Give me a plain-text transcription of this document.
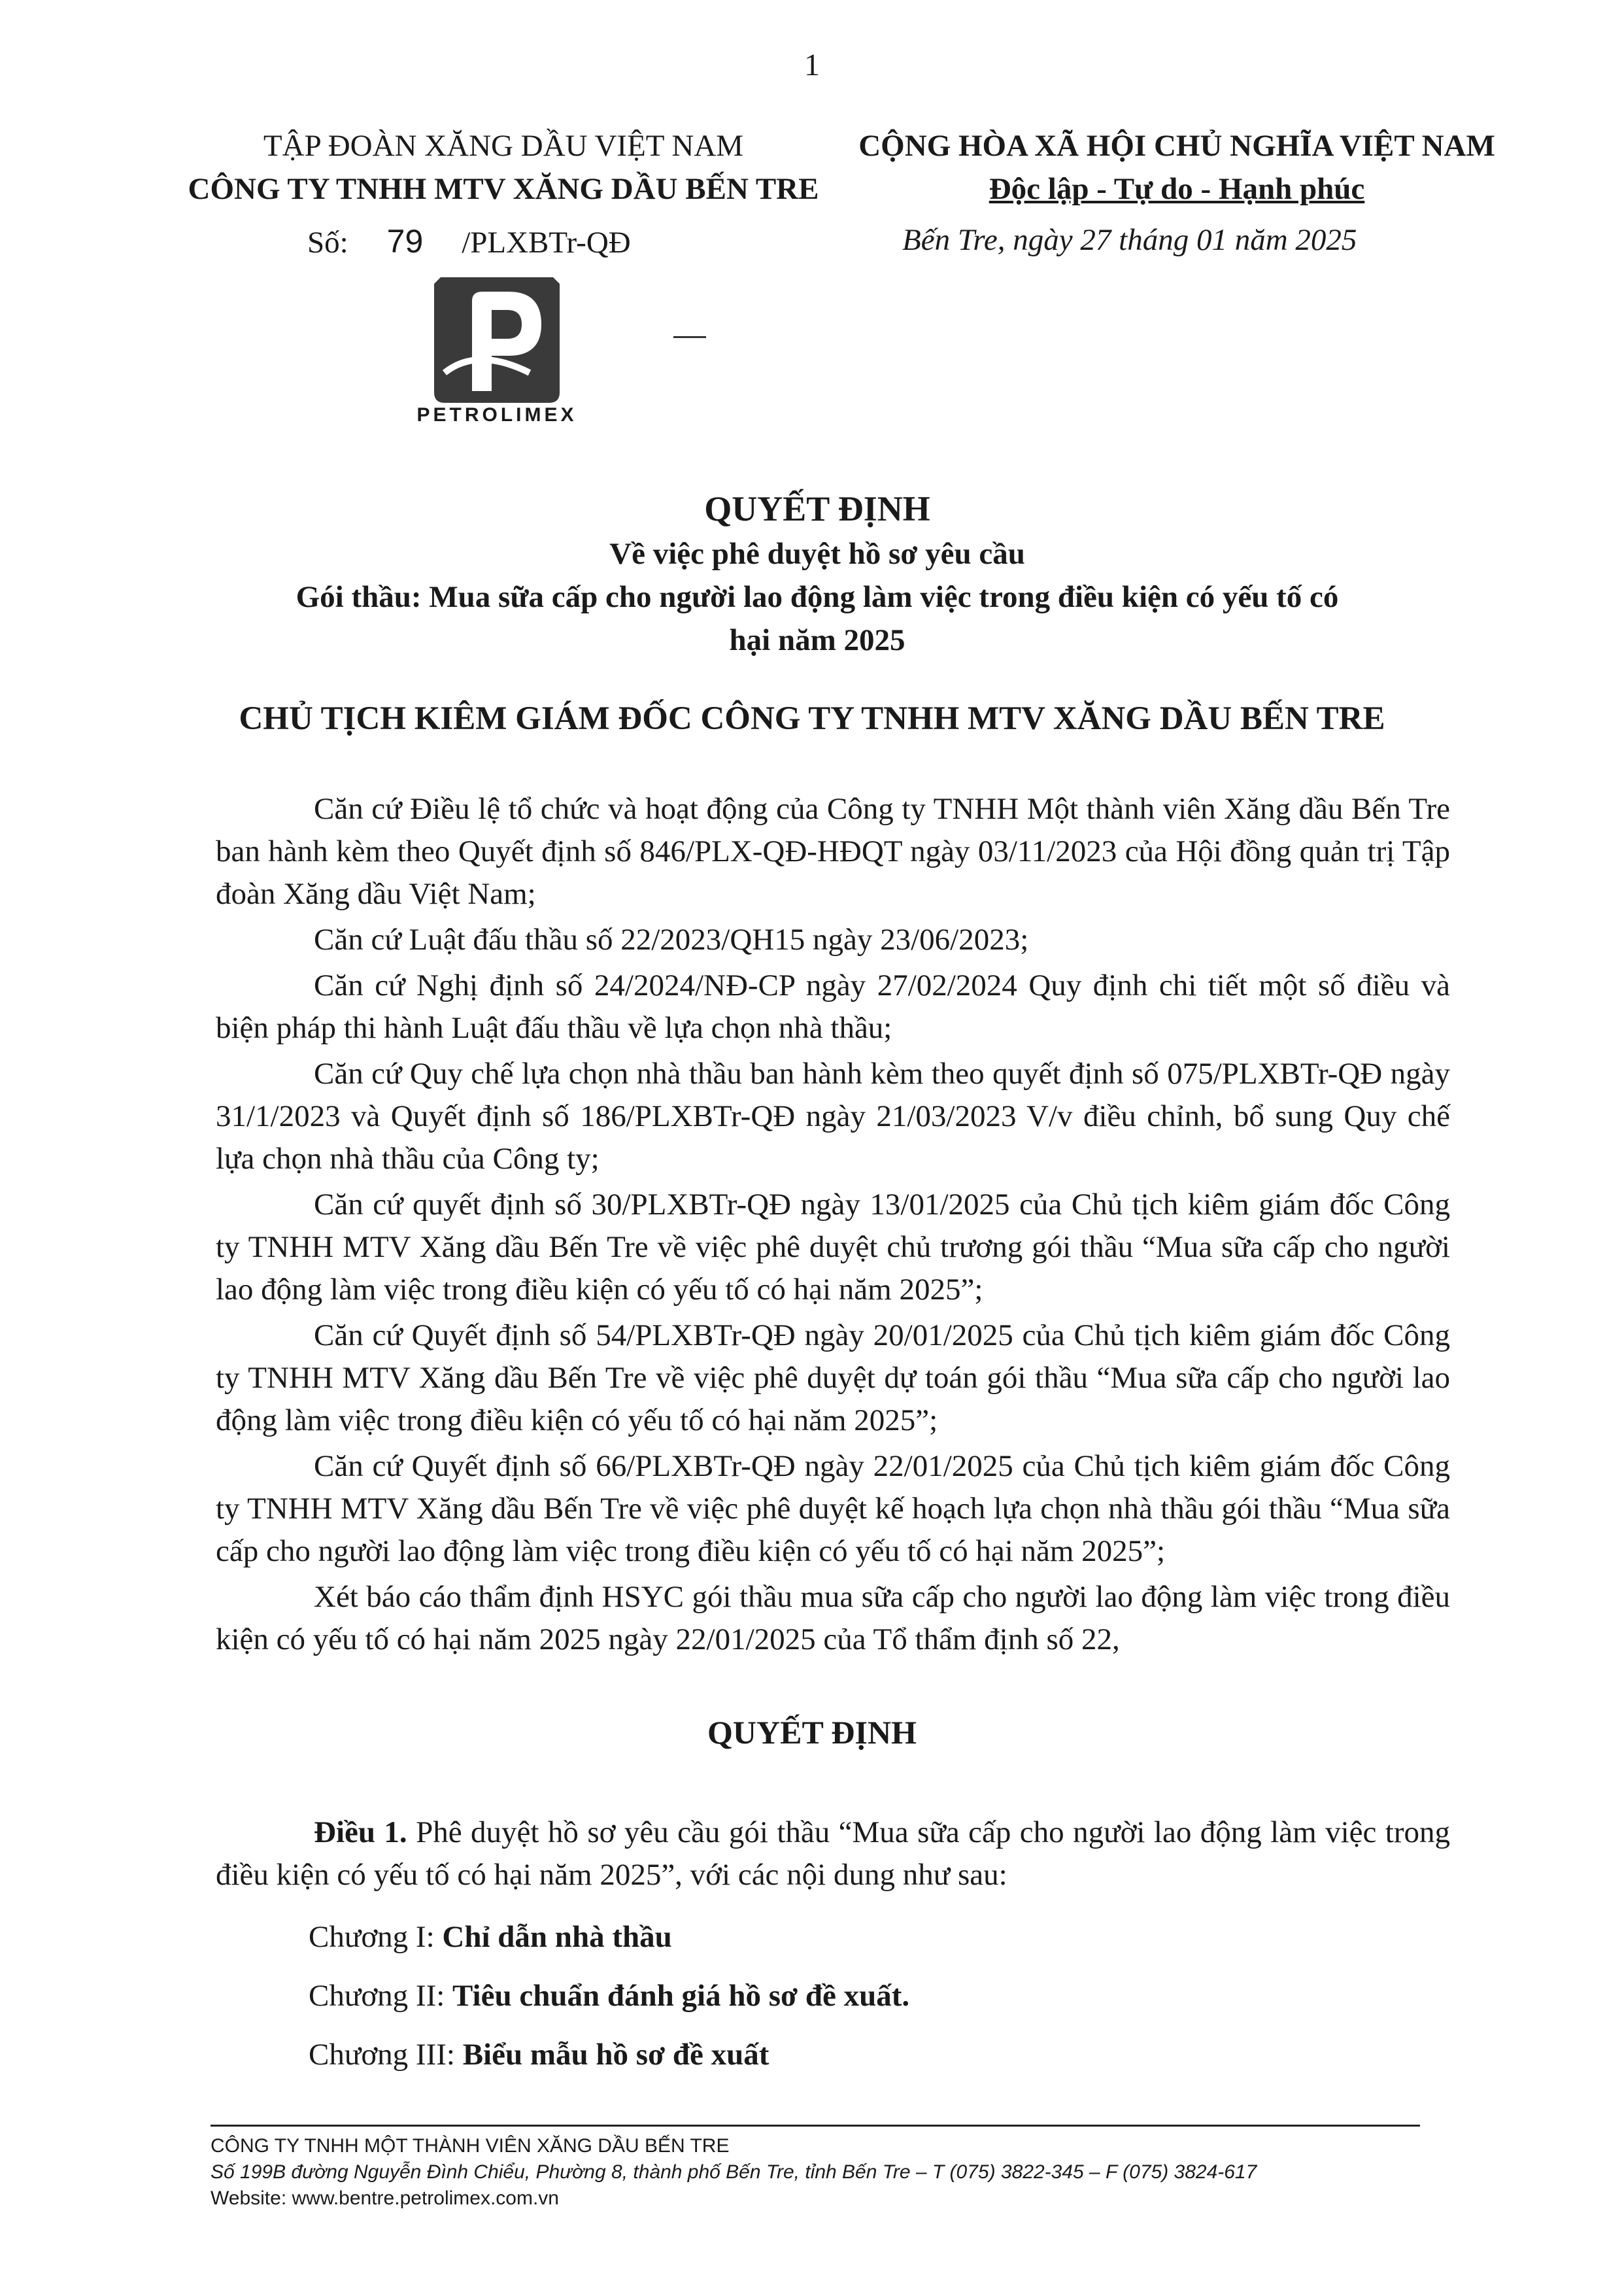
1
TẬP ĐOÀN XĂNG DẦU VIỆT NAM
CÔNG TY TNHH MTV XĂNG DẦU BẾN TRE
CỘNG HÒA XÃ HỘI CHỦ NGHĨA VIỆT NAM
Độc lập - Tự do - Hạnh phúc
Số: 79 /PLXBTr-QĐ	Bến Tre, ngày 27 tháng 01 năm 2025
PETROLIMEX
QUYẾT ĐỊNH
Về việc phê duyệt hồ sơ yêu cầu
Gói thầu: Mua sữa cấp cho người lao động làm việc trong điều kiện có yếu tố có
hại năm 2025
CHỦ TỊCH KIÊM GIÁM ĐỐC CÔNG TY TNHH MTV XĂNG DẦU BẾN TRE

Căn cứ Điều lệ tổ chức và hoạt động của Công ty TNHH Một thành viên Xăng dầu Bến Tre ban hành kèm theo Quyết định số 846/PLX-QĐ-HĐQT ngày 03/11/2023 của Hội đồng quản trị Tập đoàn Xăng dầu Việt Nam;

Căn cứ Luật đấu thầu số 22/2023/QH15 ngày 23/06/2023;

Căn cứ Nghị định số 24/2024/NĐ-CP ngày 27/02/2024 Quy định chi tiết một số điều và biện pháp thi hành Luật đấu thầu về lựa chọn nhà thầu;

Căn cứ Quy chế lựa chọn nhà thầu ban hành kèm theo quyết định số 075/PLXBTr-QĐ ngày 31/1/2023 và Quyết định số 186/PLXBTr-QĐ ngày 21/03/2023 V/v điều chỉnh, bổ sung Quy chế lựa chọn nhà thầu của Công ty;

Căn cứ quyết định số 30/PLXBTr-QĐ ngày 13/01/2025 của Chủ tịch kiêm giám đốc Công ty TNHH MTV Xăng dầu Bến Tre về việc phê duyệt chủ trương gói thầu “Mua sữa cấp cho người lao động làm việc trong điều kiện có yếu tố có hại năm 2025”;

Căn cứ Quyết định số 54/PLXBTr-QĐ ngày 20/01/2025 của Chủ tịch kiêm giám đốc Công ty TNHH MTV Xăng dầu Bến Tre về việc phê duyệt dự toán gói thầu “Mua sữa cấp cho người lao động làm việc trong điều kiện có yếu tố có hại năm 2025”;

Căn cứ Quyết định số 66/PLXBTr-QĐ ngày 22/01/2025 của Chủ tịch kiêm giám đốc Công ty TNHH MTV Xăng dầu Bến Tre về việc phê duyệt kế hoạch lựa chọn nhà thầu gói thầu “Mua sữa cấp cho người lao động làm việc trong điều kiện có yếu tố có hại năm 2025”;

Xét báo cáo thẩm định HSYC gói thầu mua sữa cấp cho người lao động làm việc trong điều kiện có yếu tố có hại năm 2025 ngày 22/01/2025 của Tổ thẩm định số 22,

QUYẾT ĐỊNH

Điều 1. Phê duyệt hồ sơ yêu cầu gói thầu “Mua sữa cấp cho người lao động làm việc trong điều kiện có yếu tố có hại năm 2025”, với các nội dung như sau:

Chương I: Chỉ dẫn nhà thầu
Chương II: Tiêu chuẩn đánh giá hồ sơ đề xuất.
Chương III: Biểu mẫu hồ sơ đề xuất
CÔNG TY TNHH MỘT THÀNH VIÊN XĂNG DẦU BẾN TRE
Số 199B đường Nguyễn Đình Chiểu, Phường 8, thành phố Bến Tre, tỉnh Bến Tre – T (075) 3822-345 – F (075) 3824-617
Website: www.bentre.petrolimex.com.vn
